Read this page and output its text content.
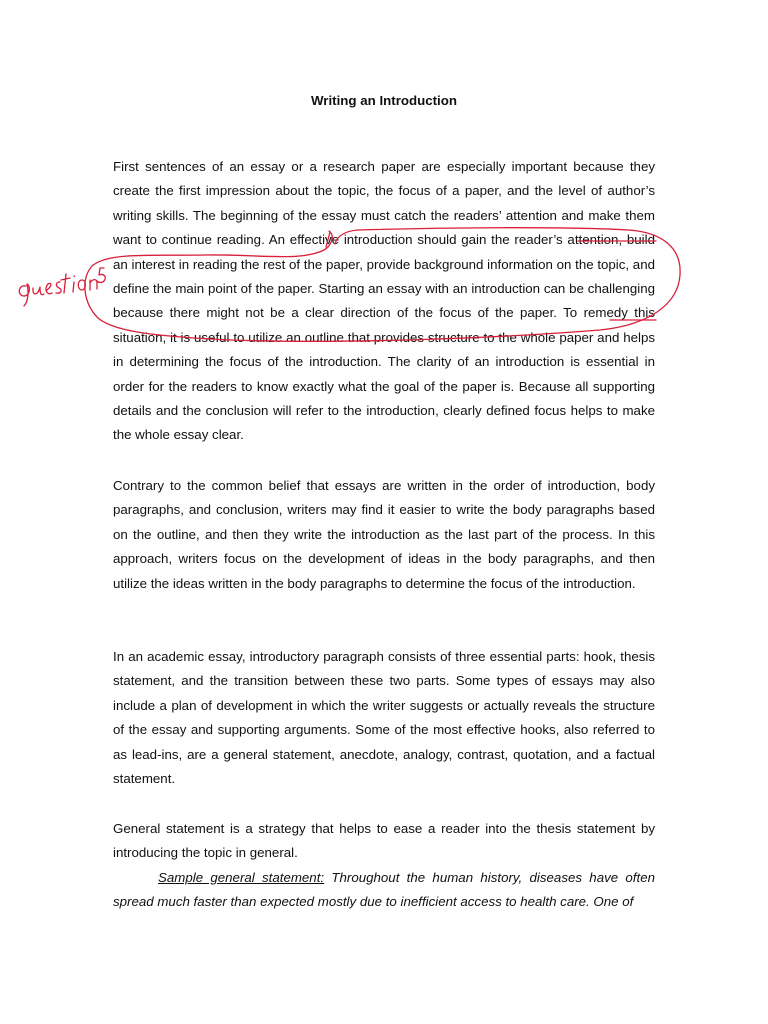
Writing an Introduction

First sentences of an essay or a research paper are especially important because they create the first impression about the topic, the focus of a paper, and the level of author’s writing skills. The beginning of the essay must catch the readers’ attention and make them want to continue reading. An effective introduction should gain the reader’s attention, build an interest in reading the rest of the paper, provide background information on the topic, and define the main point of the paper. Starting an essay with an introduction can be challenging because there might not be a clear direction of the focus of the paper. To remedy this situation, it is useful to utilize an outline that provides structure to the whole paper and helps in determining the focus of the introduction. The clarity of an introduction is essential in order for the readers to know exactly what the goal of the paper is. Because all supporting details and the conclusion will refer to the introduction, clearly defined focus helps to make the whole essay clear.

Contrary to the common belief that essays are written in the order of introduction, body paragraphs, and conclusion, writers may find it easier to write the body paragraphs based on the outline, and then they write the introduction as the last part of the process. In this approach, writers focus on the development of ideas in the body paragraphs, and then utilize the ideas written in the body paragraphs to determine the focus of the introduction.

In an academic essay, introductory paragraph consists of three essential parts: hook, thesis statement, and the transition between these two parts. Some types of essays may also include a plan of development in which the writer suggests or actually reveals the structure of the essay and supporting arguments. Some of the most effective hooks, also referred to as lead-ins, are a general statement, anecdote, analogy, contrast, quotation, and a factual statement.

General statement is a strategy that helps to ease a reader into the thesis statement by introducing the topic in general.

Sample general statement: Throughout the human history, diseases have often spread much faster than expected mostly due to inefficient access to health care. One of
